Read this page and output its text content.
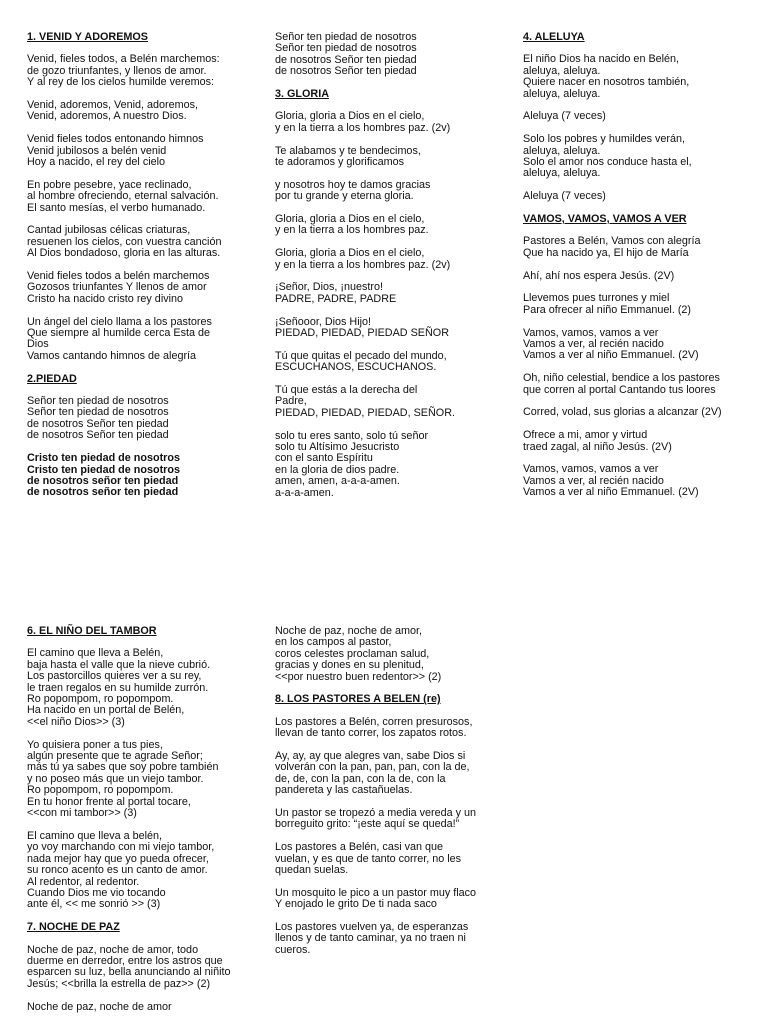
1. VENID Y ADOREMOS
Venid, fieles todos, a Belén marchemos:
de gozo triunfantes, y llenos de amor.
Y al rey de los cielos humilde veremos:
Venid, adoremos, Venid, adoremos,
Venid, adoremos, A nuestro Dios.
Venid fieles todos entonando himnos
Venid jubilosos a belén venid
Hoy a nacido, el rey del cielo
En pobre pesebre, yace reclinado,
al hombre ofreciendo, eternal salvación.
El santo mesías, el verbo humanado.
Cantad jubilosas célicas criaturas,
resuenen los cielos, con vuestra canción
Al Dios bondadoso, gloria en las alturas.
Venid fieles todos a belén marchemos
Gozosos triunfantes Y llenos de amor
Cristo ha nacido cristo rey divino
Un ángel del cielo llama a los pastores
Que siempre al humilde cerca Esta de
Dios
Vamos cantando himnos de alegría
2.PIEDAD
Señor ten piedad de nosotros
Señor ten piedad de nosotros
de nosotros Señor ten piedad
de nosotros Señor ten piedad
Cristo ten piedad de nosotros
Cristo ten piedad de nosotros
de nosotros señor ten piedad
de nosotros señor ten piedad
Señor ten piedad de nosotros
Señor ten piedad de nosotros
de nosotros Señor ten piedad
de nosotros Señor ten piedad
3. GLORIA
Gloria, gloria a Dios en el cielo,
y en la tierra a los hombres paz. (2v)
Te alabamos y te bendecimos,
te adoramos y glorificamos
y nosotros hoy te damos gracias
por tu grande y eterna gloria.
Gloria, gloria a Dios en el cielo,
y en la tierra a los hombres paz.
Gloria, gloria a Dios en el cielo,
y en la tierra a los hombres paz. (2v)
¡Señor, Dios, ¡nuestro!
PADRE, PADRE, PADRE
¡Señooor, Dios Hijo!
PIEDAD, PIEDAD, PIEDAD SEÑOR
Tú que quitas el pecado del mundo,
ESCUCHANOS, ESCUCHANOS.
Tú que estás a la derecha del
Padre,
PIEDAD, PIEDAD, PIEDAD, SEÑOR.
solo tu eres santo, solo tú señor
solo tu Altísimo Jesucristo
con el santo Espíritu
en la gloria de dios padre.
amen, amen, a-a-a-amen.
a-a-a-amen.
4. ALELUYA
El niño Dios ha nacido en Belén,
aleluya, aleluya.
Quiere nacer en nosotros también,
aleluya, aleluya.
Aleluya (7 veces)
Solo los pobres y humildes verán,
aleluya, aleluya.
Solo el amor nos conduce hasta el,
aleluya, aleluya.
Aleluya (7 veces)
VAMOS, VAMOS, VAMOS A VER
Pastores a Belén, Vamos con alegría
Que ha nacido ya, El hijo de María
Ahí, ahí nos espera Jesús. (2V)
Llevemos pues turrones y miel
Para ofrecer al niño Emmanuel. (2)
Vamos, vamos, vamos a ver
Vamos a ver, al recién nacido
Vamos a ver al niño Emmanuel. (2V)
Oh, niño celestial, bendice a los pastores
que corren al portal Cantando tus loores
Corred, volad, sus glorias a alcanzar (2V)
Ofrece a mi, amor y virtud
traed zagal, al niño Jesús. (2V)
Vamos, vamos, vamos a ver
Vamos a ver, al recién nacido
Vamos a ver al niño Emmanuel. (2V)
6. EL NIÑO DEL TAMBOR
El camino que lleva a Belén,
baja hasta el valle que la nieve cubrió.
Los pastorcillos quieres ver a su rey,
le traen regalos en su humilde zurrón.
Ro popompom, ro popompom.
Ha nacido en un portal de Belén,
<<el niño Dios>> (3)
Yo quisiera poner a tus pies,
algún presente que te agrade Señor;
más tú ya sabes que soy pobre también
y no poseo más que un viejo tambor.
Ro popompom, ro popompom.
En tu honor frente al portal tocare,
<<con mi tambor>> (3)
El camino que lleva a belén,
yo voy marchando con mi viejo tambor,
nada mejor hay que yo pueda ofrecer,
su ronco acento es un canto de amor.
Al redentor, al redentor.
Cuando Dios me vio tocando
ante él, << me sonrió >> (3)
7. NOCHE DE PAZ
Noche de paz, noche de amor, todo
duerme en derredor, entre los astros que
esparcen su luz, bella anunciando al niñito
Jesús; <<brilla la estrella de paz>> (2)
Noche de paz, noche de amor
Noche de paz, noche de amor,
en los campos al pastor,
coros celestes proclaman salud,
gracias y dones en su plenitud,
<<por nuestro buen redentor>> (2)
8. LOS PASTORES A BELEN (re)
Los pastores a Belén, corren presurosos,
llevan de tanto correr, los zapatos rotos.
Ay, ay, ay que alegres van, sabe Dios si
volverán con la pan, pan, pan, con la de,
de, de, con la pan, con la de, con la
pandereta y las castañuelas.
Un pastor se tropezó a media vereda y un
borreguito grito: “¡este aquí se queda!”
Los pastores a Belén, casi van que
vuelan, y es que de tanto correr, no les
quedan suelas.
Un mosquito le pico a un pastor muy flaco
Y enojado le grito De ti nada saco
Los pastores vuelven ya, de esperanzas
llenos y de tanto caminar, ya no traen ni
cueros.
